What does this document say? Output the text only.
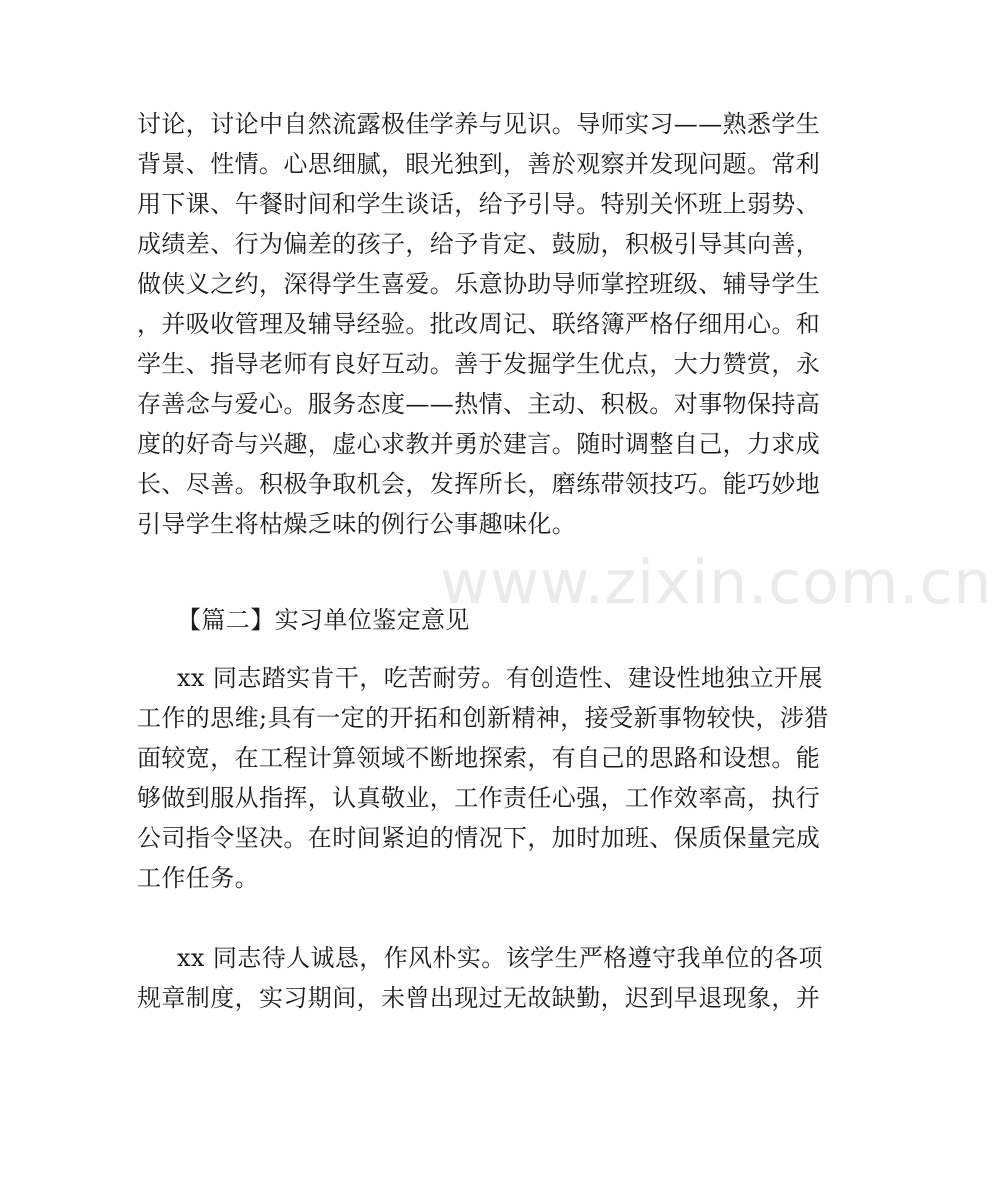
www.zixin.com.cn
讨论，讨论中自然流露极佳学养与见识。导师实习——熟悉学生
背景、性情。心思细腻，眼光独到，善於观察并发现问题。常利
用下课、午餐时间和学生谈话，给予引导。特别关怀班上弱势、
成绩差、行为偏差的孩子，给予肯定、鼓励，积极引导其向善，
做侠义之约，深得学生喜爱。乐意协助导师掌控班级、辅导学生
，并吸收管理及辅导经验。批改周记、联络簿严格仔细用心。和
学生、指导老师有良好互动。善于发掘学生优点，大力赞赏，永
存善念与爱心。服务态度——热情、主动、积极。对事物保持高
度的好奇与兴趣，虚心求教并勇於建言。随时调整自己，力求成
长、尽善。积极争取机会，发挥所长，磨练带领技巧。能巧妙地
引导学生将枯燥乏味的例行公事趣味化。
【篇二】实习单位鉴定意见
xx 同志踏实肯干，吃苦耐劳。有创造性、建设性地独立开展
工作的思维;具有一定的开拓和创新精神，接受新事物较快，涉猎
面较宽，在工程计算领域不断地探索，有自己的思路和设想。能
够做到服从指挥，认真敬业，工作责任心强，工作效率高，执行
公司指令坚决。在时间紧迫的情况下，加时加班、保质保量完成
工作任务。
xx 同志待人诚恳，作风朴实。该学生严格遵守我单位的各项
规章制度，实习期间，未曾出现过无故缺勤，迟到早退现象，并
